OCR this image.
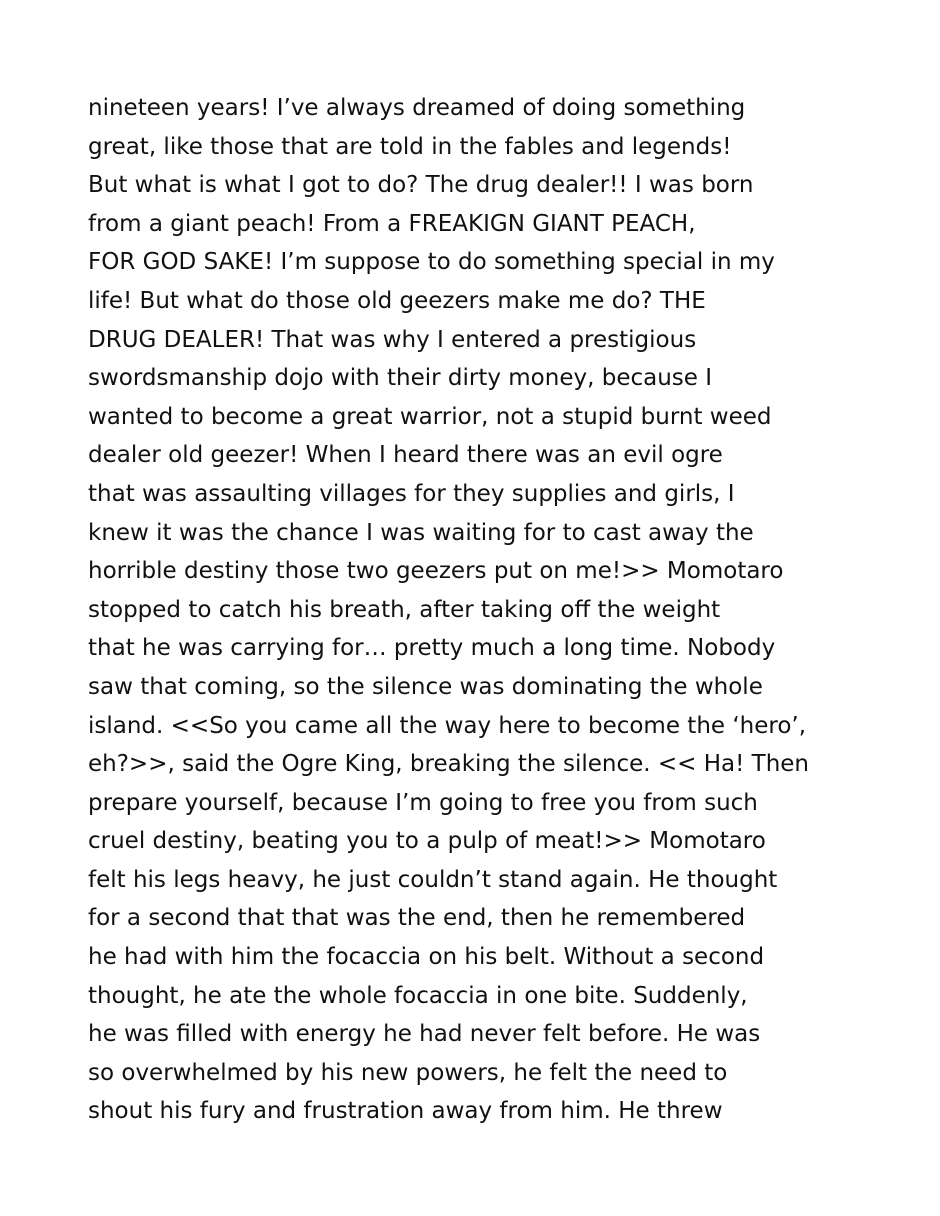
nineteen years! I’ve always dreamed of doing something
great, like those that are told in the fables and legends!
But what is what I got to do? The drug dealer!! I was born
from a giant peach! From a FREAKIGN GIANT PEACH,
FOR GOD SAKE! I’m suppose to do something special in my
life! But what do those old geezers make me do? THE
DRUG DEALER! That was why I entered a prestigious
swordsmanship dojo with their dirty money, because I
wanted to become a great warrior, not a stupid burnt weed
dealer old geezer! When I heard there was an evil ogre
that was assaulting villages for they supplies and girls, I
knew it was the chance I was waiting for to cast away the
horrible destiny those two geezers put on me!>> Momotaro
stopped to catch his breath, after taking off the weight
that he was carrying for… pretty much a long time. Nobody
saw that coming, so the silence was dominating the whole
island. <<So you came all the way here to become the ‘hero’,
eh?>>, said the Ogre King, breaking the silence. << Ha! Then
prepare yourself, because I’m going to free you from such
cruel destiny, beating you to a pulp of meat!>> Momotaro
felt his legs heavy, he just couldn’t stand again. He thought
for a second that that was the end, then he remembered
he had with him the focaccia on his belt. Without a second
thought, he ate the whole focaccia in one bite. Suddenly,
he was filled with energy he had never felt before. He was
so overwhelmed by his new powers, he felt the need to
shout his fury and frustration away from him. He threw
